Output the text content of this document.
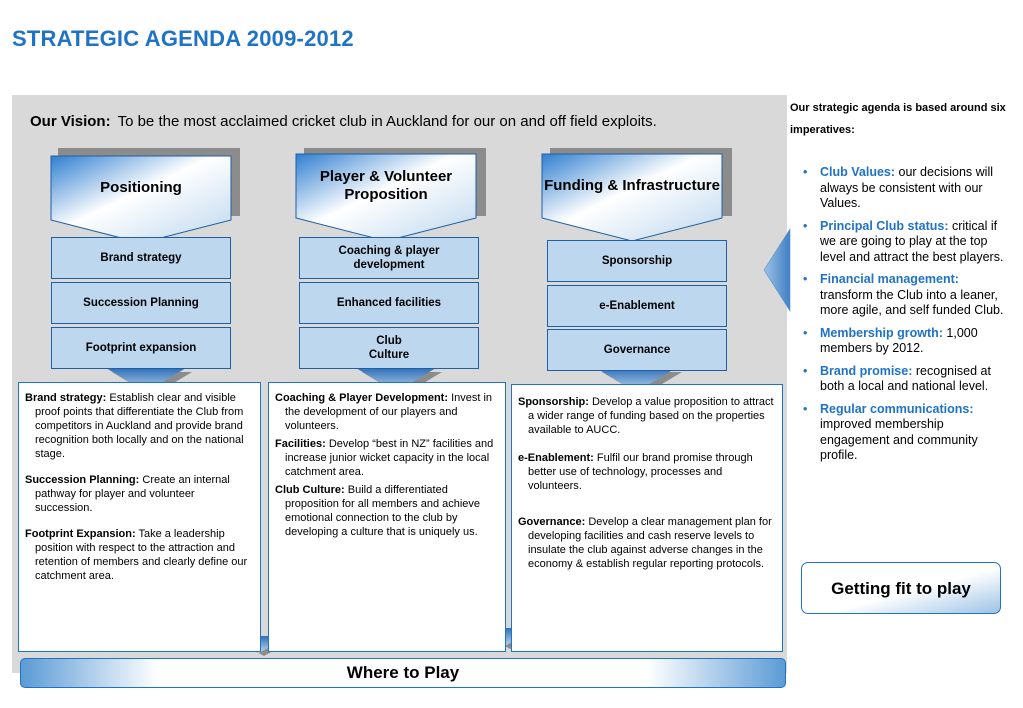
STRATEGIC AGENDA 2009-2012
Our Vision: To be the most acclaimed cricket club in Auckland for our on and off field exploits.
Positioning
Player & Volunteer Proposition
Funding & Infrastructure
Brand strategy
Succession Planning
Footprint expansion
Coaching & player development
Enhanced facilities
Club Culture
Sponsorship
e-Enablement
Governance

Brand strategy: Establish clear and visible proof points that differentiate the Club from competitors in Auckland and provide brand recognition both locally and on the national stage.

Succession Planning: Create an internal pathway for player and volunteer succession.

Footprint Expansion: Take a leadership position with respect to the attraction and retention of members and clearly define our catchment area.

Coaching & Player Development: Invest in the development of our players and volunteers.

Facilities: Develop “best in NZ” facilities and increase junior wicket capacity in the local catchment area.

Club Culture: Build a differentiated proposition for all members and achieve emotional connection to the club by developing a culture that is uniquely us.

Sponsorship: Develop a value proposition to attract a wider range of funding based on the properties available to AUCC.

e-Enablement: Fulfil our brand promise through better use of technology, processes and volunteers.

Governance: Develop a clear management plan for developing facilities and cash reserve levels to insulate the club against adverse changes in the economy & establish regular reporting protocols.

Our strategic agenda is based around six imperatives:
• Club Values: our decisions will always be consistent with our Values.
• Principal Club status: critical if we are going to play at the top level and attract the best players.
• Financial management: transform the Club into a leaner, more agile, and self funded Club.
• Membership growth: 1,000 members by 2012.
• Brand promise: recognised at both a local and national level.
• Regular communications: improved membership engagement and community profile.
Getting fit to play
Where to Play
